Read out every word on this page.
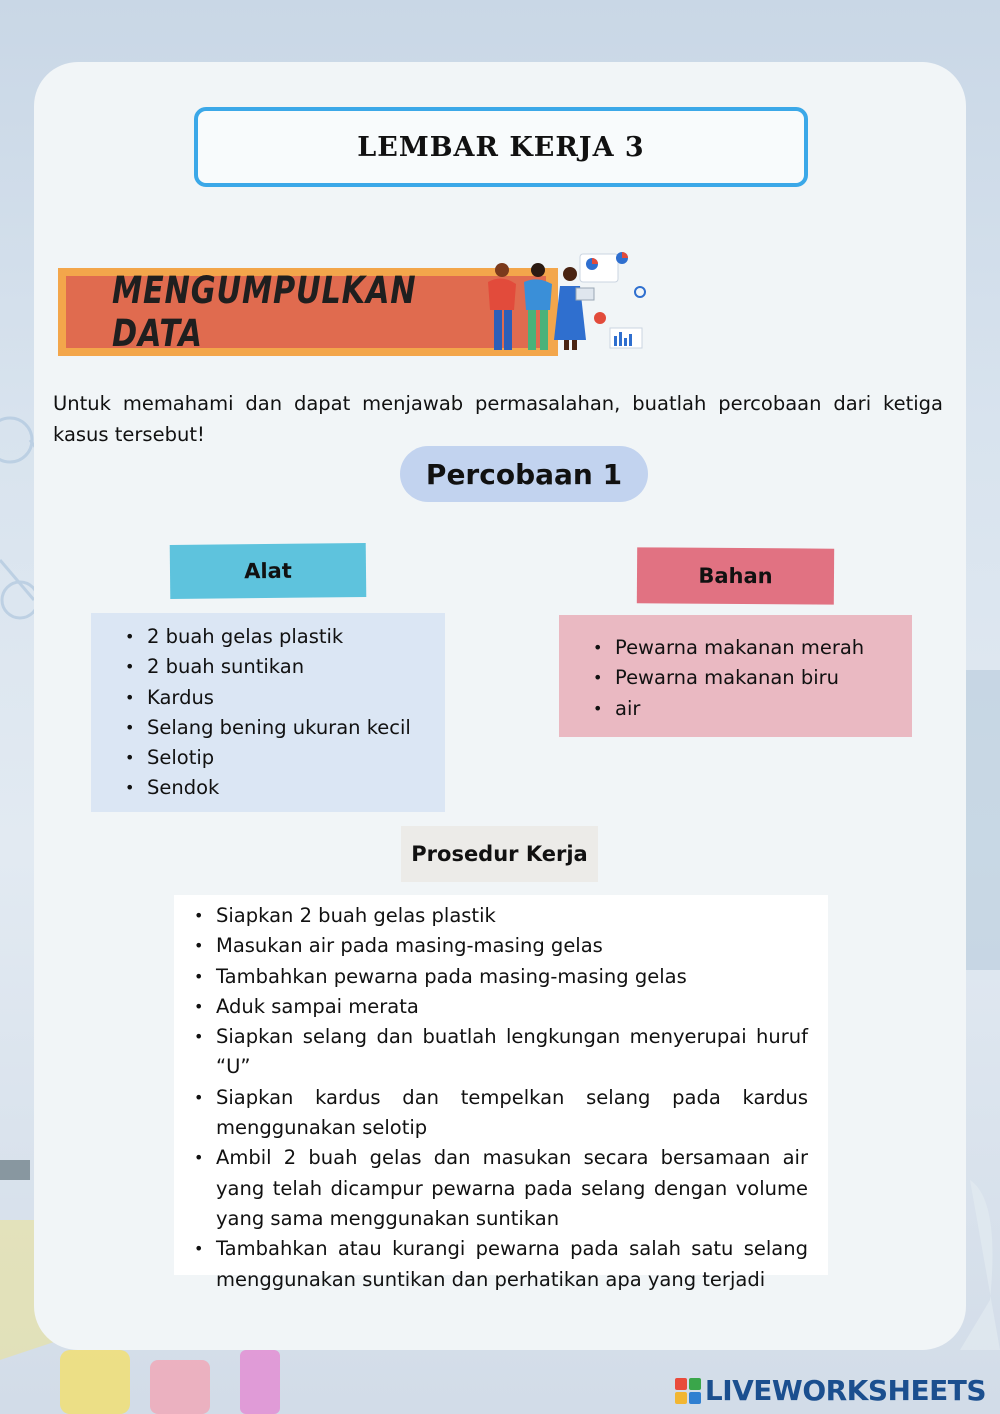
LEMBAR KERJA 3
MENGUMPULKAN DATA

Untuk memahami dan dapat menjawab permasalahan, buatlah percobaan dari ketiga kasus tersebut!

Percobaan 1
Alat	Bahan
• 2 buah gelas plastik
• 2 buah suntikan
• Kardus
• Selang bening ukuran kecil
• Selotip
• Sendok
• Pewarna makanan merah
• Pewarna makanan biru
• air
Prosedur Kerja
• Siapkan 2 buah gelas plastik
• Masukan air pada masing-masing gelas
• Tambahkan pewarna pada masing-masing gelas
• Aduk sampai merata
• Siapkan selang dan buatlah lengkungan menyerupai huruf “U”
• Siapkan kardus dan tempelkan selang pada kardus menggunakan selotip
• Ambil 2 buah gelas dan masukan secara bersamaan air yang telah dicampur pewarna pada selang dengan volume yang sama menggunakan suntikan
• Tambahkan atau kurangi pewarna pada salah satu selang menggunakan suntikan dan perhatikan apa yang terjadi
LIVEWORKSHEETS
